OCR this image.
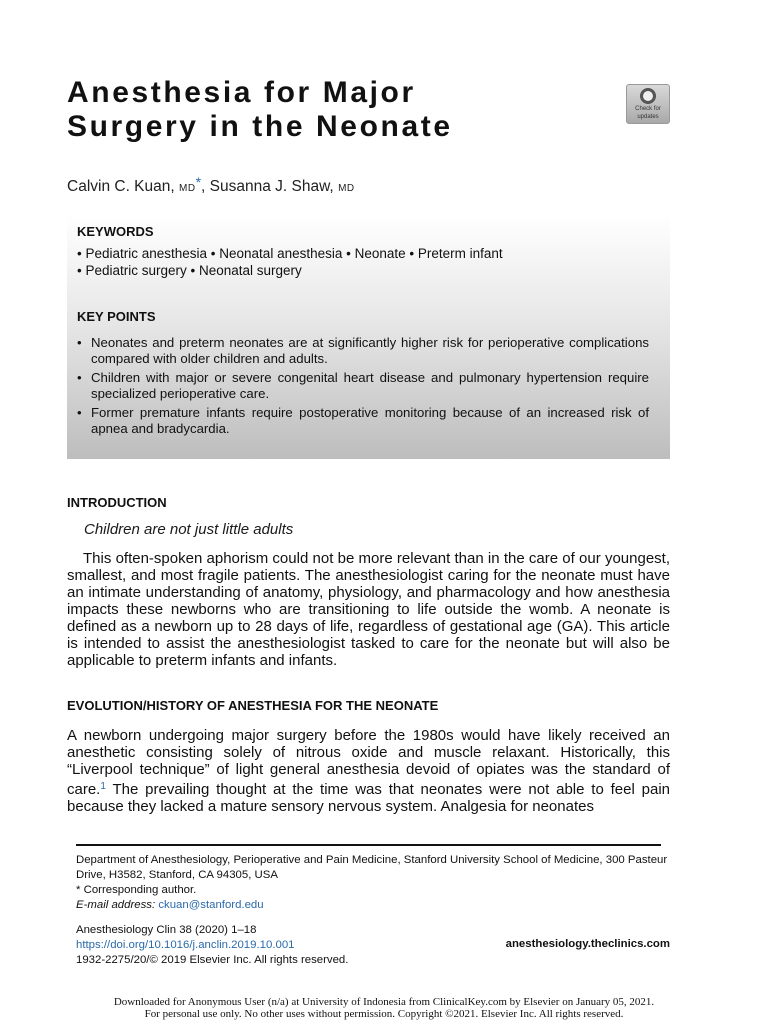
Anesthesia for Major
Surgery in the Neonate
Check for
updates
Calvin C. Kuan, MD*, Susanna J. Shaw, MD
KEYWORDS
• Pediatric anesthesia • Neonatal anesthesia • Neonate • Preterm infant
• Pediatric surgery • Neonatal surgery
KEY POINTS
• Neonates and preterm neonates are at significantly higher risk for perioperative complications compared with older children and adults.
• Children with major or severe congenital heart disease and pulmonary hypertension require specialized perioperative care.
• Former premature infants require postoperative monitoring because of an increased risk of apnea and bradycardia.
INTRODUCTION
Children are not just little adults

This often-spoken aphorism could not be more relevant than in the care of our youngest, smallest, and most fragile patients. The anesthesiologist caring for the neonate must have an intimate understanding of anatomy, physiology, and pharmacology and how anesthesia impacts these newborns who are transitioning to life outside the womb. A neonate is defined as a newborn up to 28 days of life, regardless of gestational age (GA). This article is intended to assist the anesthesiologist tasked to care for the neonate but will also be applicable to preterm infants and infants.

EVOLUTION/HISTORY OF ANESTHESIA FOR THE NEONATE

A newborn undergoing major surgery before the 1980s would have likely received an anesthetic consisting solely of nitrous oxide and muscle relaxant. Historically, this “Liverpool technique” of light general anesthesia devoid of opiates was the standard of care.$^1$ The prevailing thought at the time was that neonates were not able to feel pain because they lacked a mature sensory nervous system. Analgesia for neonates

Department of Anesthesiology, Perioperative and Pain Medicine, Stanford University School of Medicine, 300 Pasteur Drive, H3582, Stanford, CA 94305, USA
* Corresponding author.
E-mail address: ckuan@stanford.edu
Anesthesiology Clin 38 (2020) 1–18
https://doi.org/10.1016/j.anclin.2019.10.001
1932-2275/20/© 2019 Elsevier Inc. All rights reserved.
anesthesiology.theclinics.com
Downloaded for Anonymous User (n/a) at University of Indonesia from ClinicalKey.com by Elsevier on January 05, 2021.
For personal use only. No other uses without permission. Copyright ©2021. Elsevier Inc. All rights reserved.
